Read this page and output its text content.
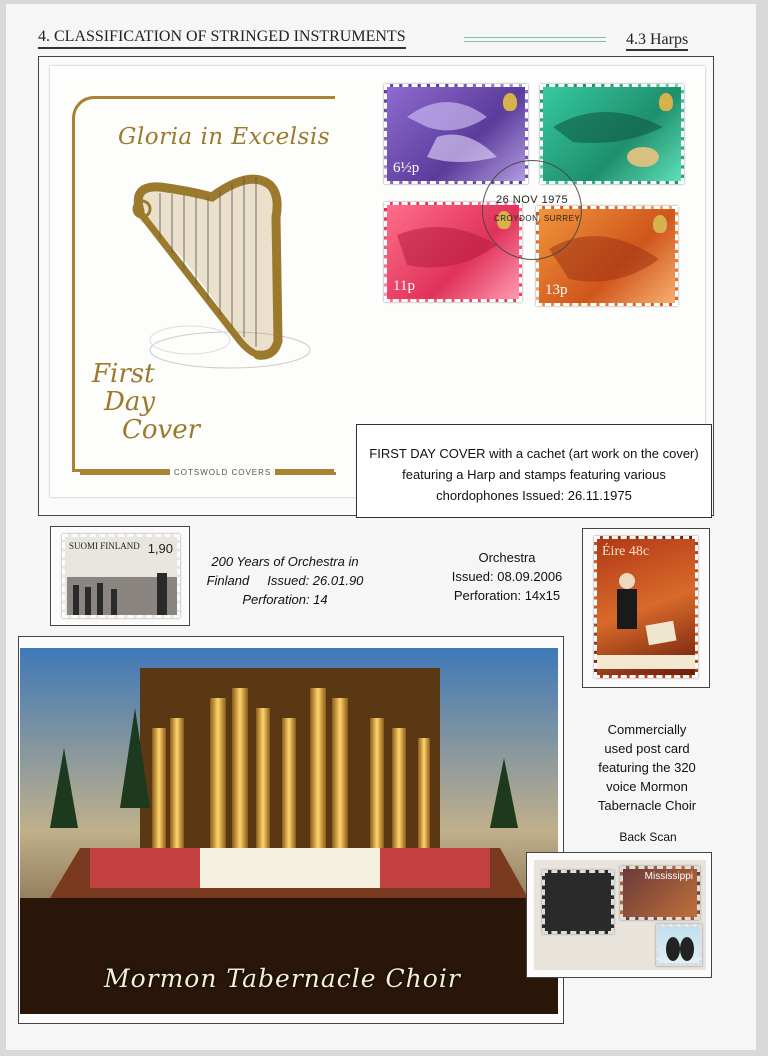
4. CLASSIFICATION OF STRINGED INSTRUMENTS	4.3 Harps
Gloria in Excelsis
First
Day
Cover
COTSWOLD COVERS
6½p
11p	13p
26 NOV 1975
CROYDON, SURREY
FIRST DAY COVER with a cachet (art work on the cover) featuring a Harp and stamps featuring various chordophones Issued: 26.11.1975
SUOMI FINLAND 1,90
200 Years of Orchestra in
Finland     Issued: 26.01.90
Perforation: 14
Orchestra
Issued: 08.09.2006
Perforation: 14x15
Éire 48c
Mormon Tabernacle Choir
Commercially
used post card
featuring the 320
voice Mormon
Tabernacle Choir
Back Scan
Mississippi
